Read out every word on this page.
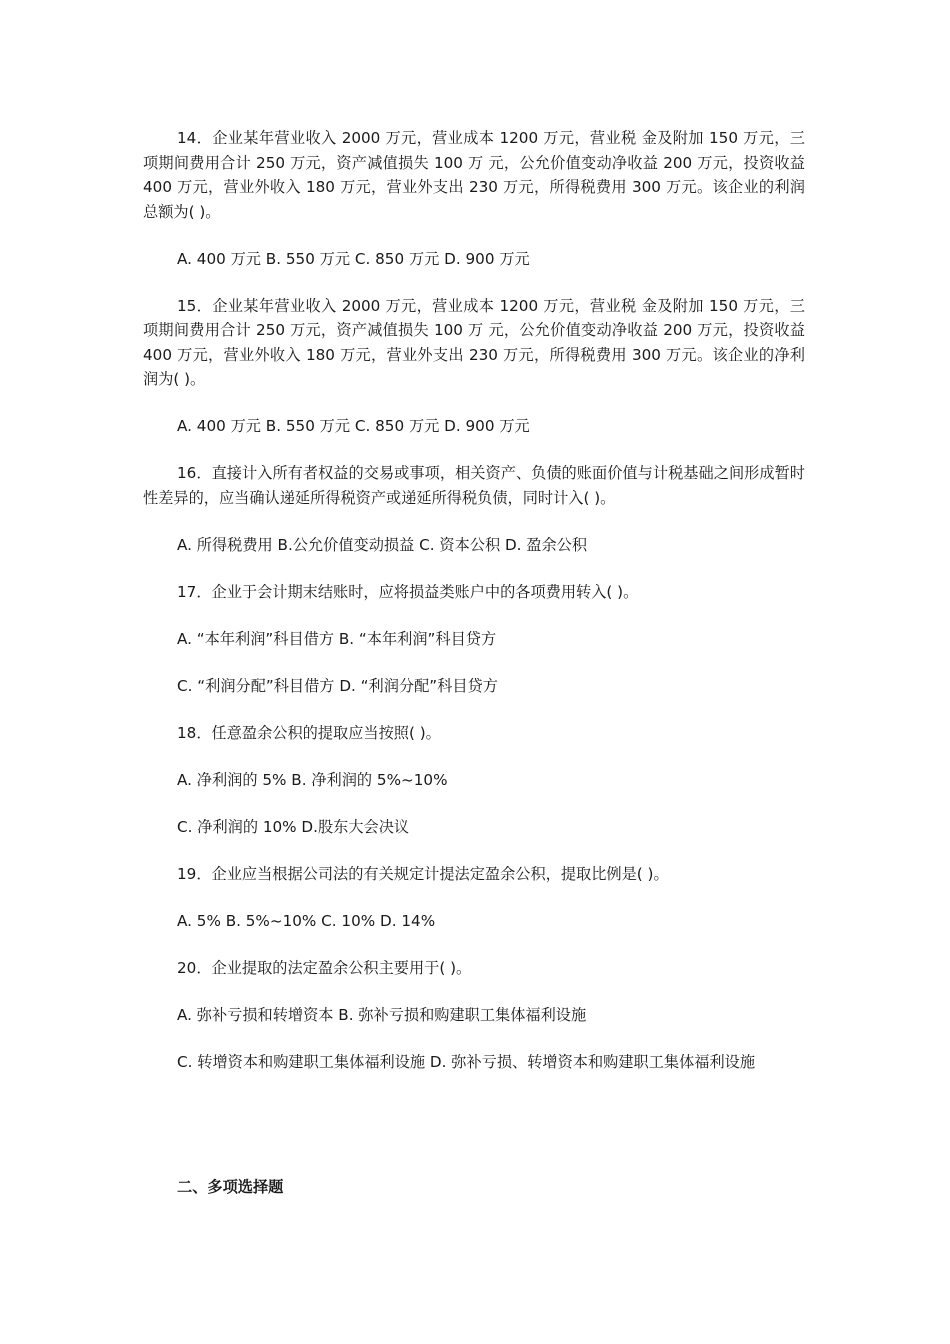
14．企业某年营业收入 2000 万元，营业成本 1200 万元，营业税 金及附加 150 万元，三项期间费用合计 250 万元，资产减值损失 100 万 元，公允价值变动净收益 200 万元，投资收益 400 万元，营业外收入 180 万元，营业外支出 230 万元，所得税费用 300 万元。该企业的利润总额为( )。

A. 400 万元 B. 550 万元 C. 850 万元 D. 900 万元

15．企业某年营业收入 2000 万元，营业成本 1200 万元，营业税 金及附加 150 万元，三项期间费用合计 250 万元，资产减值损失 100 万 元，公允价值变动净收益 200 万元，投资收益 400 万元，营业外收入 180 万元，营业外支出 230 万元，所得税费用 300 万元。该企业的净利润为( )。

A. 400 万元 B. 550 万元 C. 850 万元 D. 900 万元

16．直接计入所有者权益的交易或事项，相关资产、负债的账面价值与计税基础之间形成暂时性差异的，应当确认递延所得税资产或递延所得税负债，同时计入( )。

A. 所得税费用 B.公允价值变动损益 C. 资本公积 D. 盈余公积

17．企业于会计期末结账时，应将损益类账户中的各项费用转入( )。

A. “本年利润”科目借方 B. “本年利润”科目贷方

C. “利润分配”科目借方 D. “利润分配”科目贷方

18．任意盈余公积的提取应当按照( )。

A. 净利润的 5% B. 净利润的 5%~10%

C. 净利润的 10% D.股东大会决议

19．企业应当根据公司法的有关规定计提法定盈余公积，提取比例是( )。

A. 5% B. 5%~10% C. 10% D. 14%

20．企业提取的法定盈余公积主要用于( )。

A. 弥补亏损和转增资本 B. 弥补亏损和购建职工集体福利设施

C. 转增资本和购建职工集体福利设施 D. 弥补亏损、转增资本和购建职工集体福利设施

二、多项选择题
